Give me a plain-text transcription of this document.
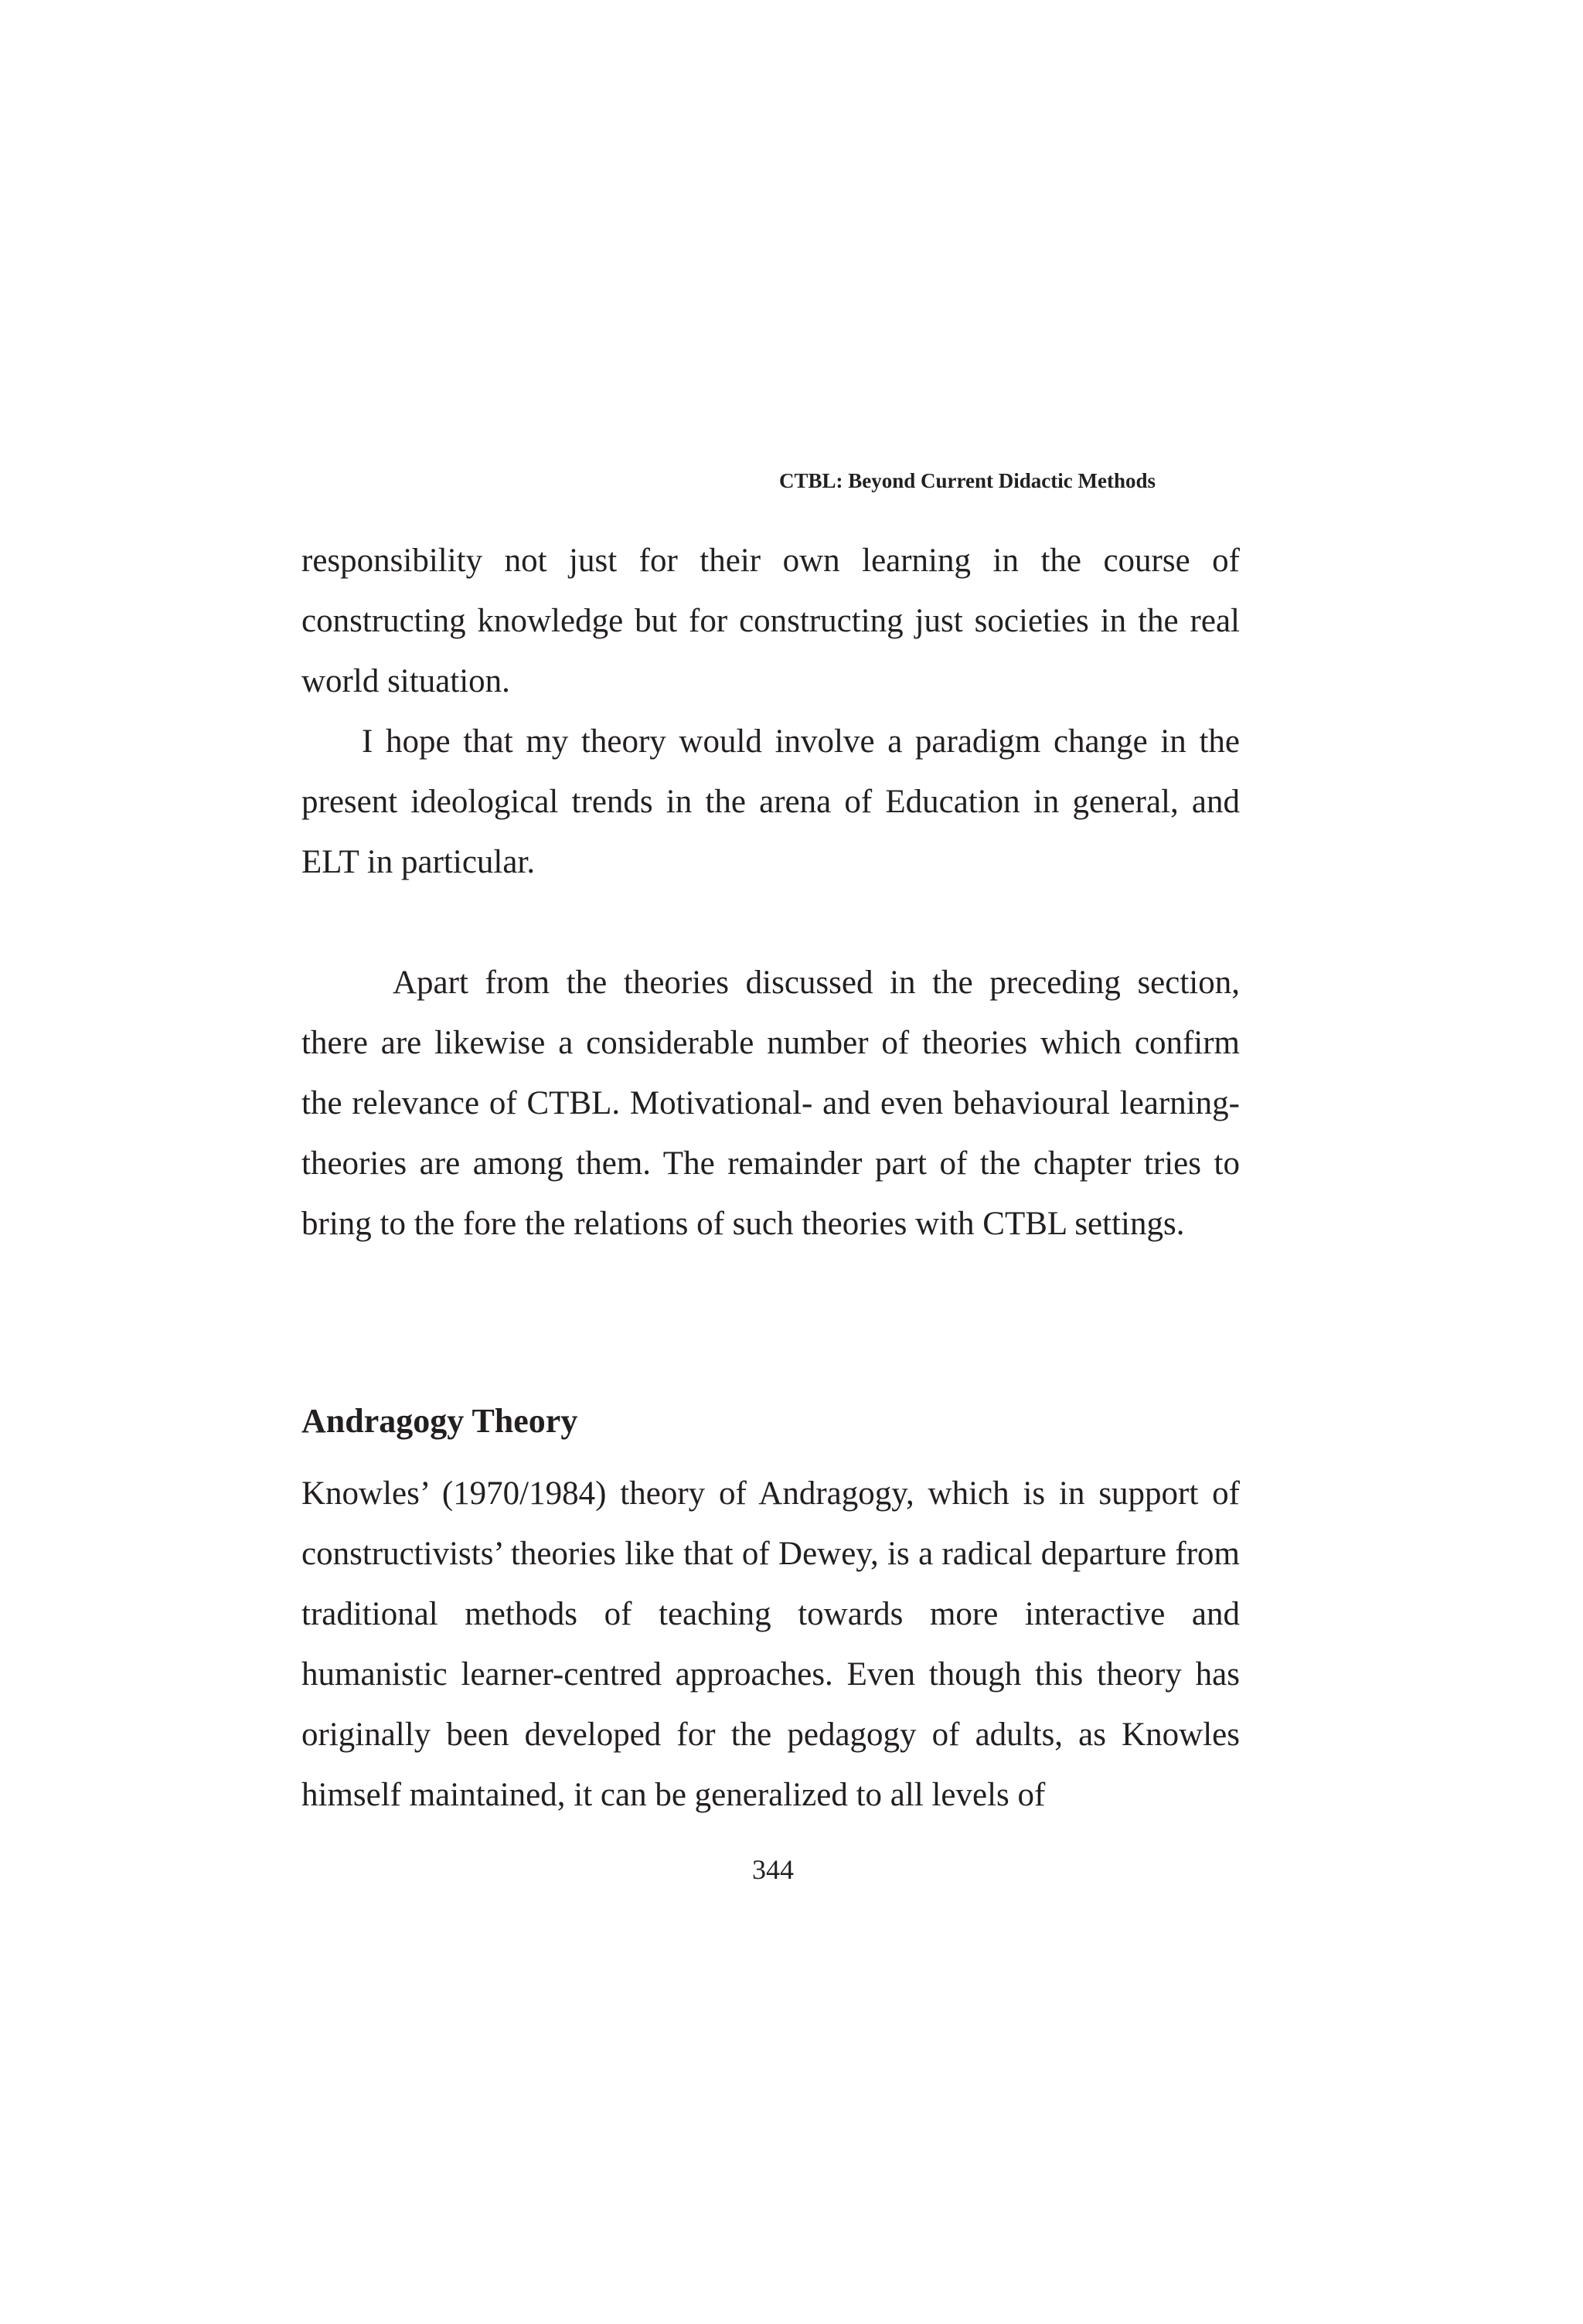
CTBL: Beyond Current Didactic Methods

responsibility not just for their own learning in the course of constructing knowledge but for constructing just societies in the real world situation.

I hope that my theory would involve a paradigm change in the present ideological trends in the arena of Education in general, and ELT in particular.

Apart from the theories discussed in the preceding section, there are likewise a considerable number of theories which confirm the relevance of CTBL. Motivational- and even behavioural learning- theories are among them. The remainder part of the chapter tries to bring to the fore the relations of such theories with CTBL settings.

Andragogy Theory

Knowles’ (1970/1984) theory of Andragogy, which is in support of constructivists’ theories like that of Dewey, is a radical departure from traditional methods of teaching towards more interactive and humanistic learner-centred approaches. Even though this theory has originally been developed for the pedagogy of adults, as Knowles himself maintained, it can be generalized to all levels of

344
